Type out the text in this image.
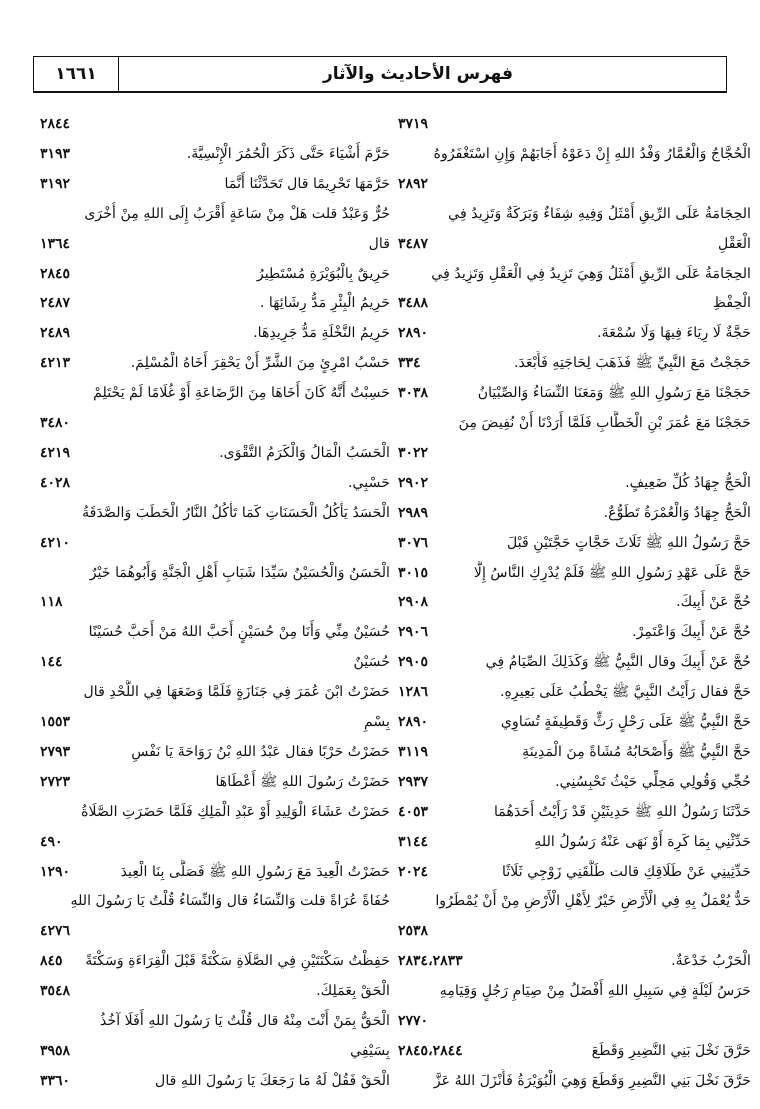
١٦٦١	فهرس الأحاديث والآثار
٣٧١٩
الْحُجَّاجُ وَالْعُمَّارُ وَفْدُ اللهِ إِنْ دَعَوْهُ أَجَابَهُمْ وَإِنِ اسْتَغْفَرُوهُ
٢٨٩٢
الحِجَامَةُ عَلَى الرِّيقِ أَمْثَلُ وَفِيهِ شِفَاءٌ وَبَرَكَةٌ وَتَزِيدُ فِي
الْعَقْلِ
٣٤٨٧
الحِجَامَةُ عَلَى الرِّيقِ أَمْثَلُ وَهِيَ تَزِيدُ فِي الْعَقْلِ وَتَزِيدُ فِي
الْحِفْظِ
٣٤٨٨
حَجَّةٌ لَا رِيَاءَ فِيهَا وَلَا سُمْعَةَ.
٢٨٩٠
حَجَجْتُ مَعَ النَّبِيِّ ﷺ فَذَهَبَ لِحَاجَتِهِ فَأَبْعَدَ.
٣٣٤
حَجَجْنَا مَعَ رَسُولِ اللهِ ﷺ وَمَعَنَا النِّسَاءُ وَالصِّبْيَانُ
٣٠٣٨
حَجَجْنَا مَعَ عُمَرَ بْنِ الْخَطَّابِ فَلَمَّا أَرَدْنَا أَنْ نُفِيضَ مِنَ
٣٠٢٢
الْحَجُّ جِهَادُ كُلِّ ضَعِيفٍ.
٢٩٠٢
الْحَجُّ جِهَادٌ وَالْعُمْرَةُ تَطَوُّعٌ.
٢٩٨٩
حَجَّ رَسُولُ اللهِ ﷺ ثَلَاثَ حَجَّاتٍ حَجَّتَيْنِ قَبْلَ
٣٠٧٦
حَجَّ عَلَى عَهْدِ رَسُولِ اللهِ ﷺ فَلَمْ يُدْرِكِ النَّاسُ إِلَّا
٣٠١٥
حُجَّ عَنْ أَبِيكَ.
٢٩٠٨
حُجَّ عَنْ أَبِيكَ وَاعْتَمِرْ.
٢٩٠٦
حُجَّ عَنْ أَبِيكَ وقال النَّبِيُّ ﷺ وَكَذَلِكَ الصِّيَامُ فِي
٢٩٠٥
حَجَّ فقال رَأَيْتُ النَّبِيَّ ﷺ يَخْطُبُ عَلَى بَعِيرِهِ.
١٢٨٦
حَجَّ النَّبِيُّ ﷺ عَلَى رَحْلٍ رَثٍّ وَقَطِيفَةٍ تُسَاوِي
٢٨٩٠
حَجَّ النَّبِيُّ ﷺ وَأَصْحَابُهُ مُشَاةً مِنَ الْمَدِينَةِ
٣١١٩
حُجِّي وَقُولِي مَحِلِّي حَيْثُ تَحْبِسُنِي.
٢٩٣٧
حَدَّثَنَا رَسُولُ اللهِ ﷺ حَدِيثَيْنِ قَدْ رَأَيْتُ أَحَدَهُمَا
٤٠٥٣
حَدِّثْنِي بِمَا كَرِهَ أَوْ نَهَى عَنْهُ رَسُولُ اللهِ
٣١٤٤
حَدِّثِينِي عَنْ طَلَاقِكِ قالت طَلَّقَنِي زَوْجِي ثَلَاثًا
٢٠٢٤
حَدٌّ يُعْمَلُ بِهِ فِي الْأَرْضِ خَيْرٌ لِأَهْلِ الْأَرْضِ مِنْ أَنْ يُمْطَرُوا
٢٥٣٨
الْحَرْبُ خَدْعَةٌ.
٢٨٣٤،٢٨٣٣
حَرَسُ لَيْلَةٍ فِي سَبِيلِ اللهِ أَفْضَلُ مِنْ صِيَامِ رَجُلٍ وَقِيَامِهِ
٢٧٧٠
حَرَّقَ نَخْلَ بَنِي النَّضِيرِ وَقَطَعَ
٢٨٤٥،٢٨٤٤
حَرَّقَ نَخْلَ بَنِي النَّضِيرِ وَقَطَعَ وَهِيَ الْبُوَيْرَةُ فَأَنْزَلَ اللهُ عَزَّ
٢٨٤٤
حَرَّمَ أَشْيَاءَ حَتَّى ذَكَرَ الْحُمُرَ الْإِنْسِيَّةَ.
٣١٩٣
حَرَّمَهَا تَحْرِيمًا قال تَحَدَّثْنَا أَنَّمَا
٣١٩٢
حُرٌّ وَعَبْدٌ قلت هَلْ مِنْ سَاعَةٍ أَقْرَبُ إِلَى اللهِ مِنْ أُخْرَى
قال
١٣٦٤
حَرِيقٌ بِالْبُوَيْرَةِ مُسْتَطِيرُ
٢٨٤٥
حَرِيمُ الْبِئْرِ مَدُّ رِشَائِهَا .
٢٤٨٧
حَرِيمُ النَّخْلَةِ مَدُّ جَرِيدِهَا.
٢٤٨٩
حَسْبُ امْرِئٍ مِنَ الشَّرِّ أَنْ يَحْقِرَ أَخَاهُ الْمُسْلِمَ.
٤٢١٣
حَسِبْتُ أَنَّهُ كَانَ أَخَاهَا مِنَ الرَّضَاعَةِ أَوْ غُلَامًا لَمْ يَحْتَلِمْ
٣٤٨٠
الْحَسَبُ الْمَالُ وَالْكَرَمُ التَّقْوَى.
٤٢١٩
حَسْبِي.
٤٠٢٨
الْحَسَدُ يَأْكُلُ الْحَسَنَاتِ كَمَا تَأْكُلُ النَّارُ الْحَطَبَ وَالصَّدَقَةُ
٤٢١٠
الْحَسَنُ وَالْحُسَيْنُ سَيِّدَا شَبَابِ أَهْلِ الْجَنَّةِ وَأَبُوهُمَا خَيْرٌ
١١٨
حُسَيْنٌ مِنِّي وَأَنَا مِنْ حُسَيْنٍ أَحَبَّ اللهُ مَنْ أَحَبَّ حُسَيْنًا
حُسَيْنٌ
١٤٤
حَضَرْتُ ابْنَ عُمَرَ فِي جَنَازَةٍ فَلَمَّا وَضَعَهَا فِي اللَّحْدِ قال
بِسْمِ
١٥٥٣
حَضَرْتُ حَرْبًا فقال عَبْدُ اللهِ بْنُ رَوَاحَةَ يَا نَفْسِ
٢٧٩٣
حَضَرْتُ رَسُولَ اللهِ ﷺ أَعْطَاهَا
٢٧٢٣
حَضَرْتُ عَشَاءَ الْوَلِيدِ أَوْ عَبْدِ الْمَلِكِ فَلَمَّا حَضَرَتِ الصَّلَاةُ
٤٩٠
حَضَرْتُ الْعِيدَ مَعَ رَسُولِ اللهِ ﷺ فَصَلَّى بِنَا الْعِيدَ
١٢٩٠
حُفَاةً عُرَاةً قلت وَالنِّسَاءُ قال وَالنِّسَاءُ قُلْتُ يَا رَسُولَ اللهِ
٤٢٧٦
حَفِظْتُ سَكْتَتَيْنِ فِي الصَّلَاةِ سَكْتَةً قَبْلَ الْقِرَاءَةِ وَسَكْتَةً
٨٤٥
الْحَقْ بِعَمَلِكَ.
٣٥٤٨
الْحَقُّ بِمَنْ أَنْتَ مِنْهُ قال قُلْتُ يَا رَسُولَ اللهِ أَفَلَا آخُذُ
بِسَيْفِي
٣٩٥٨
الْحَقْ فَقُلْ لَهُ مَا رَجَعَكَ يَا رَسُولَ اللهِ قال
٣٣٦٠
